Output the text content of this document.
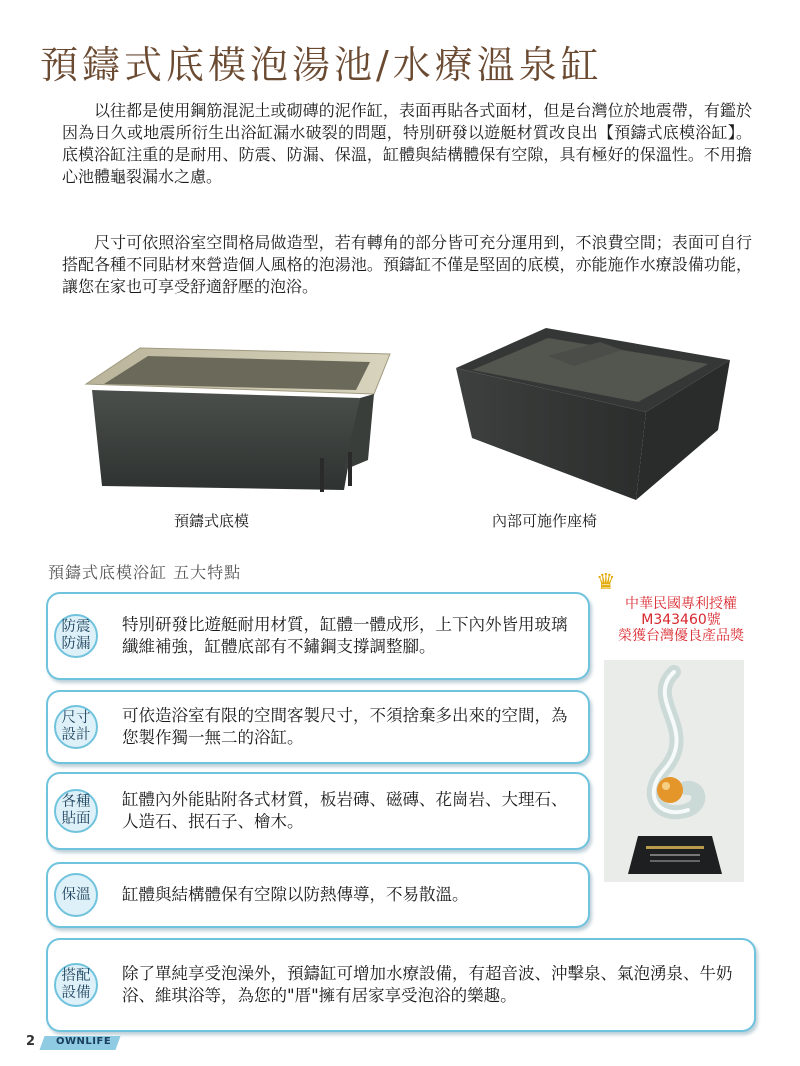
預鑄式底模泡湯池/水療溫泉缸
以往都是使用鋼筋混泥土或砌磚的泥作缸，表面再貼各式面材，但是台灣位於地震帶，有鑑於因為日久或地震所衍生出浴缸漏水破裂的問題，特別研發以遊艇材質改良出【預鑄式底模浴缸】。底模浴缸注重的是耐用、防震、防漏、保溫，缸體與結構體保有空隙，具有極好的保溫性。不用擔心池體龜裂漏水之慮。
尺寸可依照浴室空間格局做造型，若有轉角的部分皆可充分運用到，不浪費空間；表面可自行搭配各種不同貼材來營造個人風格的泡湯池。預鑄缸不僅是堅固的底模，亦能施作水療設備功能，讓您在家也可享受舒適舒壓的泡浴。
預鑄式底模	內部可施作座椅
預鑄式底模浴缸 五大特點
防震防漏
特別研發比遊艇耐用材質，缸體一體成形，上下內外皆用玻璃纖維補強，缸體底部有不鏽鋼支撐調整腳。
尺寸設計
可依造浴室有限的空間客製尺寸，不須捨棄多出來的空間，為您製作獨一無二的浴缸。
各種貼面
缸體內外能貼附各式材質，板岩磚、磁磚、花崗岩、大理石、人造石、抿石子、檜木。
保溫	缸體與結構體保有空隙以防熱傳導，不易散溫。
搭配設備
除了單純享受泡澡外，預鑄缸可增加水療設備，有超音波、沖擊泉、氣泡湧泉、牛奶浴、維琪浴等，為您的"厝"擁有居家享受泡浴的樂趣。
♛
中華民國專利授權
M343460號
榮獲台灣優良產品獎
2 OWNLIFE
